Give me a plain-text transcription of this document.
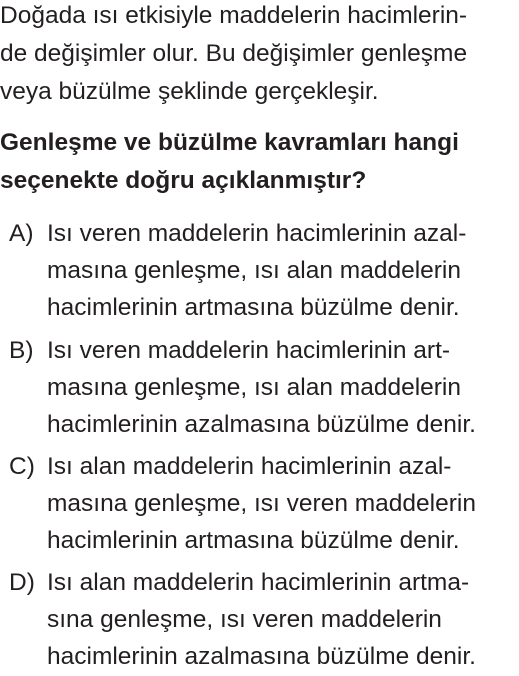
Doğada ısı etkisiyle maddelerin hacimlerin-
de değişimler olur. Bu değişimler genleşme
veya büzülme şeklinde gerçekleşir.
Genleşme ve büzülme kavramları hangi
seçenekte doğru açıklanmıştır?
A) Isı veren maddelerin hacimlerinin azal-
masına genleşme, ısı alan maddelerin
hacimlerinin artmasına büzülme denir.
B) Isı veren maddelerin hacimlerinin art-
masına genleşme, ısı alan maddelerin
hacimlerinin azalmasına büzülme denir.
C) Isı alan maddelerin hacimlerinin azal-
masına genleşme, ısı veren maddelerin
hacimlerinin artmasına büzülme denir.
D) Isı alan maddelerin hacimlerinin artma-
sına genleşme, ısı veren maddelerin
hacimlerinin azalmasına büzülme denir.
